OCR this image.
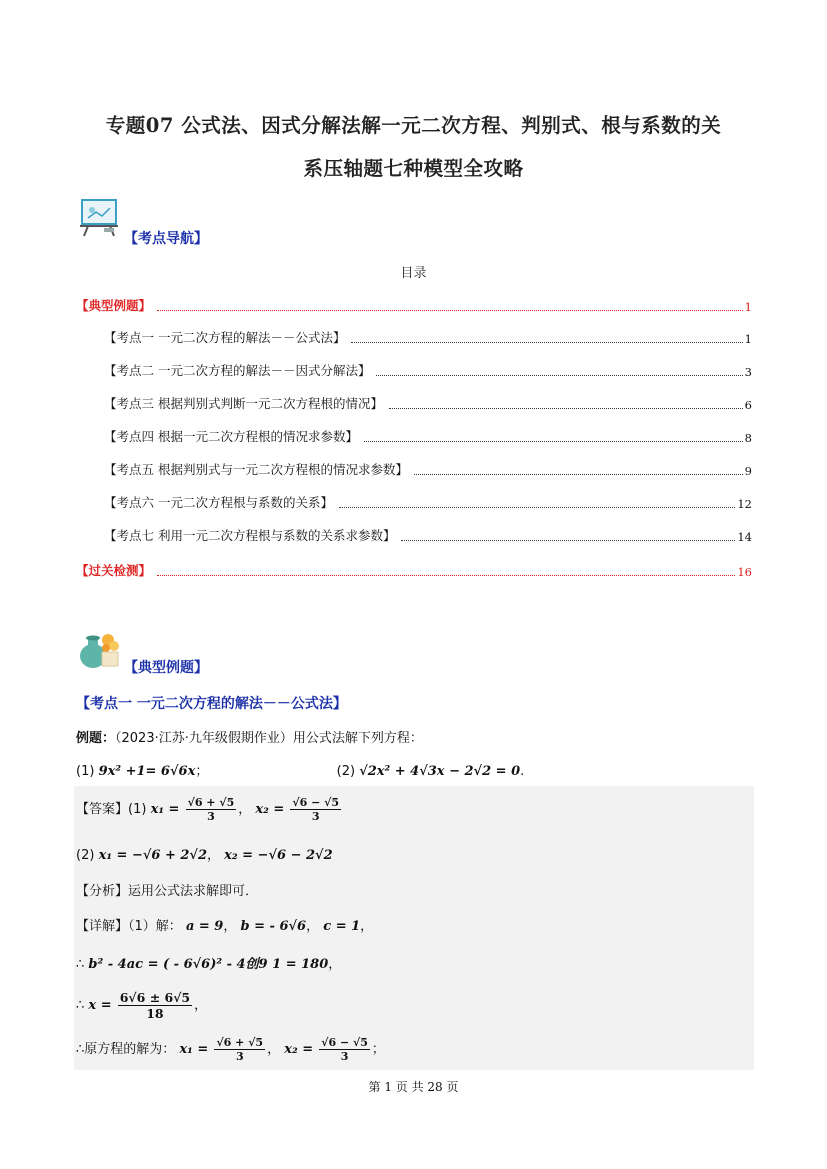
专题07 公式法、因式分解法解一元二次方程、判别式、根与系数的关
系压轴题七种模型全攻略
【考点导航】
目录
【典型例题】	1
【考点一 一元二次方程的解法－－公式法】	1
【考点二 一元二次方程的解法－－因式分解法】	3
【考点三 根据判别式判断一元二次方程根的情况】	6
【考点四 根据一元二次方程根的情况求参数】	8
【考点五 根据判别式与一元二次方程根的情况求参数】	9
【考点六 一元二次方程根与系数的关系】	12
【考点七 利用一元二次方程根与系数的关系求参数】	14
【过关检测】	16
【典型例题】
【考点一 一元二次方程的解法－－公式法】
例题：（2023·江苏·九年级假期作业）用公式法解下列方程：
(1) 9x² +1= 6√6x；	(2) √2x² + 4√3x − 2√2 = 0.
【答案】(1) $x_1 = \frac{√6 + √5}{3}$ ， $x_2 = \frac{√6 - √5}{3}$
(2) x₁ = −√6 + 2√2， x₂ = −√6 − 2√2
【分析】运用公式法求解即可．
【详解】（1）解： a = 9， b = - 6√6， c = 1，
∴ b² - 4ac = ( - 6√6)² - 4创9 1 = 180，
∴ $x = \frac{6√6 \pm 6√5}{18}$ ，
∴原方程的解为： $x_1 = \frac{√6 + √5}{3}$ ， $x_2 = \frac{√6 - √5}{3}$ ；
第 1 页 共 28 页
